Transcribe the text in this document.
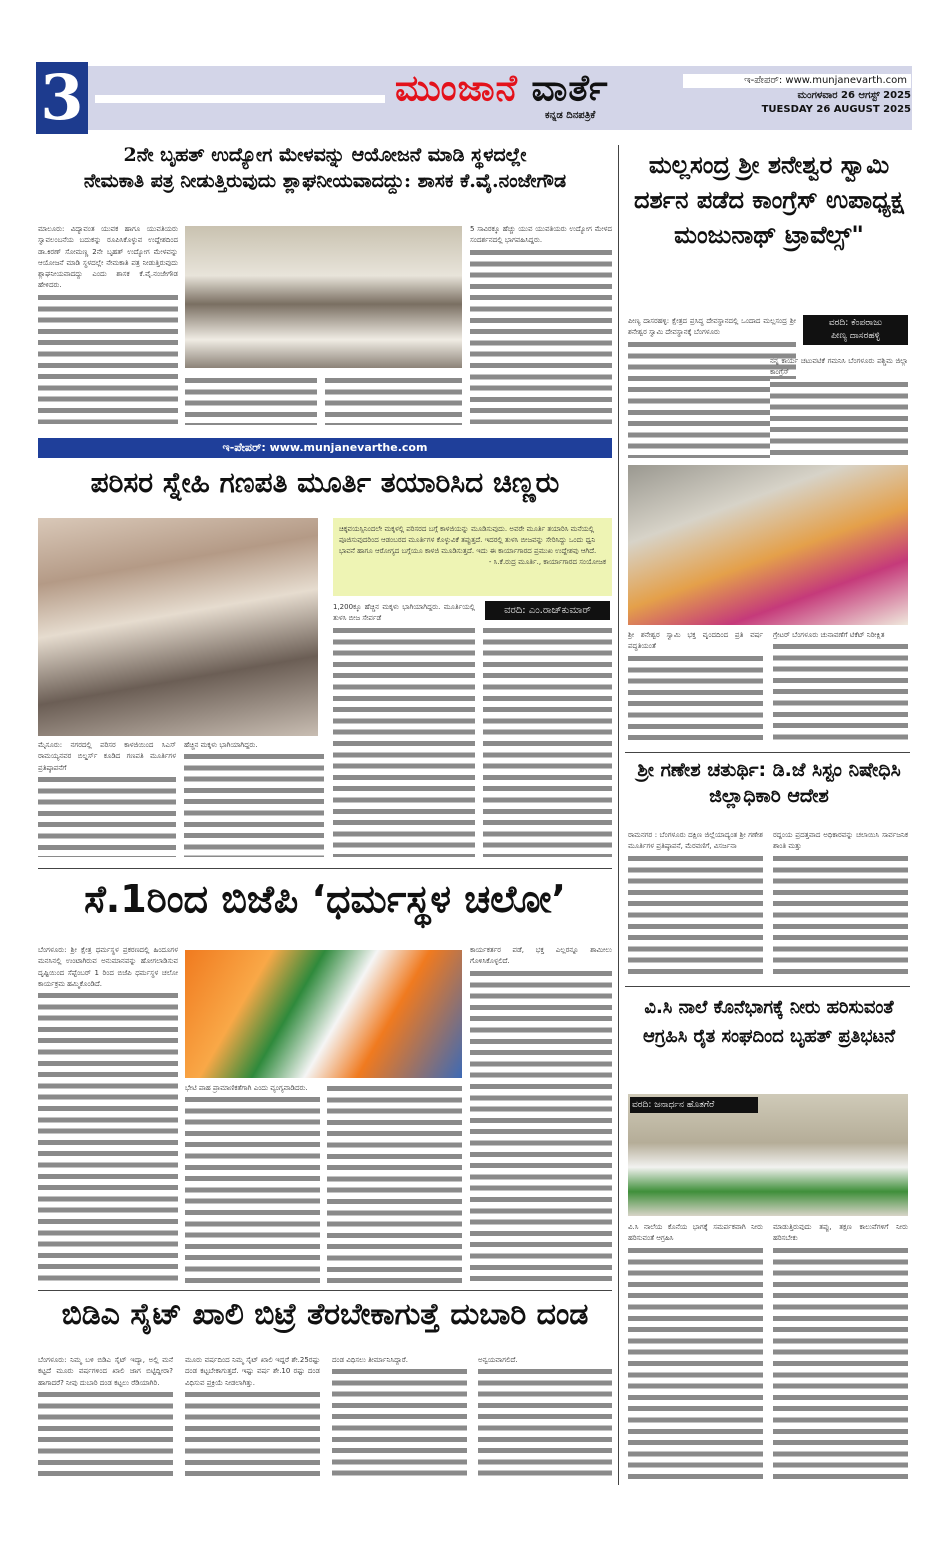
3	ಮುಂಜಾನೆ ವಾರ್ತೆ
ಕನ್ನಡ ದಿನಪತ್ರಿಕೆ
ಇ-ಪೇಪರ್: www.munjanevarth.com
ಮಂಗಳವಾರ 26 ಆಗಸ್ಟ್ 2025
TUESDAY 26 AUGUST 2025
2ನೇ ಬೃಹತ್ ಉದ್ಯೋಗ ಮೇಳವನ್ನು ಆಯೋಜನೆ ಮಾಡಿ ಸ್ಥಳದಲ್ಲೇ
ನೇಮಕಾತಿ ಪತ್ರ ನೀಡುತ್ತಿರುವುದು ಶ್ಲಾಘನೀಯವಾದದ್ದು: ಶಾಸಕ ಕೆ.ವೈ.ನಂಜೇಗೌಡ
ಮಾಲೂರು: ವಿದ್ಯಾವಂತ ಯುವಕ ಹಾಗೂ ಯುವತಿಯರು ಸ್ವಾವಲಂಬನೆಯ ಬದುಕನ್ನು ರೂಪಿಸಿಕೊಳ್ಳುವ ಉದ್ದೇಶದಿಂದ ಡಾ.ಕಿರಣ್ ಸೋಮಣ್ಣ 2ನೇ ಬೃಹತ್ ಉದ್ಯೋಗ ಮೇಳವನ್ನು ಆಯೋಜನೆ ಮಾಡಿ ಸ್ಥಳದಲ್ಲೇ ನೇಮಕಾತಿ ಪತ್ರ ನೀಡುತ್ತಿರುವುದು ಶ್ಲಾಘನೀಯವಾದದ್ದು ಎಂದು ಶಾಸಕ ಕೆ.ವೈ.ನಂಜೇಗೌಡ ಹೇಳಿದರು.
5 ಸಾವಿರಕ್ಕೂ ಹೆಚ್ಚು ಯುವ ಯುವತಿಯರು ಉದ್ಯೋಗ ಮೇಳದ ಸಂದರ್ಶನದಲ್ಲಿ ಭಾಗವಹಿಸಿದ್ದರು.
ಇ-ಪೇಪರ್: www.munjanevarthe.com
ಪರಿಸರ ಸ್ನೇಹಿ ಗಣಪತಿ ಮೂರ್ತಿ ತಯಾರಿಸಿದ ಚಿಣ್ಣರು
ಚಿಕ್ಕವಯಸ್ಸಿನಿಂದಲೇ ಮಕ್ಕಳಲ್ಲಿ ಪರಿಸರದ ಬಗ್ಗೆ ಕಾಳಜಿಯನ್ನು ಮೂಡಿಸುವುದು. ಅವರೇ ಮೂರ್ತಿ ತಯಾರಿಸಿ ಮನೆಯಲ್ಲಿ ಪೂಜಿಸುವುದರಿಂದ ಆಡಂಬರದ ಮೂರ್ತಿಗಳ ಕೊಳ್ಳುವಿಕೆ ತಪ್ಪುತ್ತದೆ. ಇದರಲ್ಲಿ ತುಳಸಿ ಬೀಜವನ್ನು ಸೇರಿಸಿದ್ದು ಒಂದು ಧ್ವನಿ ಭಾವನೆ ಹಾಗೂ ಆರೋಗ್ಯದ ಬಗ್ಗೆಯೂ ಕಾಳಜಿ ಮೂಡಿಸುತ್ತದೆ. ಇದು ಈ ಕಾರ್ಯಾಗಾರದ ಪ್ರಮುಖ ಉದ್ದೇಶವು ಆಗಿದೆ.
- ಸಿ.ಕೆ.ರುದ್ರ ಮೂರ್ತಿ., ಕಾರ್ಯಾಗಾರದ ಸಂಯೋಜಕ
ವರದಿ: ಎಂ.ರಾಜ್‌ಕುಮಾರ್
1,200ಕ್ಕೂ ಹೆಚ್ಚಿನ ಮಕ್ಕಳು ಭಾಗಿಯಾಗಿದ್ದರು. ಮೂರ್ತಿಯಲ್ಲಿ ತುಳಸಿ ಬೀಜ ಸೇರ್ಪಡೆ
ಮೈಸೂರು: ನಗರದಲ್ಲಿ ಪರಿಸರ ಕಾಳಜಿಯಿಂದ ಸಿಎಸ್ ರಾಮಯ್ಯನವರ ಬಿಲ್ಡರ್ಸ್ ಕೂಡಿದ ಗಣಪತಿ ಮೂರ್ತಿಗಳ ಪ್ರತಿಷ್ಠಾಪನೆಗೆ
ಹೆಚ್ಚಿನ ಮಕ್ಕಳು ಭಾಗಿಯಾಗಿದ್ದರು.
ಸೆ.1ರಿಂದ ಬಿಜೆಪಿ ‘ಧರ್ಮಸ್ಥಳ ಚಲೋ’
ಬೆಂಗಳೂರು: ಶ್ರೀ ಕ್ಷೇತ್ರ ಧರ್ಮಸ್ಥಳ ಪ್ರಕರಣದಲ್ಲಿ ಹಿಂದೂಗಳ ಮನಸಿನಲ್ಲಿ ಉಂಟಾಗಿರುವ ಅನುಮಾನವನ್ನು ಹೋಗಲಾಡಿಸುವ ದೃಷ್ಟಿಯಿಂದ ಸೆಪ್ಟೆಂಬರ್ 1 ರಿಂದ ಬಿಜೆಪಿ ಧರ್ಮಸ್ಥಳ ಚಲೋ ಕಾರ್ಯಕ್ರಮ ಹಮ್ಮಿಕೊಂಡಿದೆ.
ಭೇಟಿ ಪಾಹ ಪ್ರಾಮಾಣಿಕತೆಗಾಗಿ ಎಂದು ವ್ಯಂಗ್ಯವಾಡಿದರು.
ಕಾರ್ಯಕರ್ತರ ಪಡೆ, ಭಕ್ತ ಎಲ್ಲರನ್ನೂ ಶಾಮೀಲು ಗೊಳಿಸಿಕೊಳ್ಳಲಿದೆ.
ಬಿಡಿಎ ಸೈಟ್ ಖಾಲಿ ಬಿಟ್ರೆ ತೆರಬೇಕಾಗುತ್ತೆ ದುಬಾರಿ ದಂಡ
ಬೆಂಗಳೂರು: ನಿಮ್ಮ ಬಳಿ ಬಿಡಿಎ ಸೈಟ್ ಇದ್ಯಾ, ಅಲ್ಲಿ ಮನೆ ಕಟ್ಟದೆ ಮೂರು ವರ್ಷಗಳಿಂದ ಖಾಲಿ ಜಾಗ ಬಿಟ್ಟಿದ್ದೀರಾ? ಹಾಗಾದರೆ? ನೀವು ದುಬಾರಿ ದಂಡ ಕಟ್ಟಲು ರೆಡಿಯಾಗಿರಿ.
ಮೂರು ವರ್ಷದಿಂದ ನಿಮ್ಮ ಸೈಟ್ ಖಾಲಿ ಇದ್ದರೆ ಶೇ.25ರಷ್ಟು ದಂಡ ಕಟ್ಟಬೇಕಾಗುತ್ತದೆ. ಇಷ್ಟು ವರ್ಷ ಶೇ.10 ರಷ್ಟು ದಂಡ ವಿಧಿಸುವ ಪ್ರಕ್ರಿಯೆ ನೀಡಲಾಗಿತ್ತು.
ದಂಡ ವಿಧಿಸಲು ತೀರ್ಮಾನಿಸಿದ್ದಾರೆ.	ಅನ್ವಯವಾಗಲಿದೆ.
ಮಲ್ಲಸಂದ್ರ ಶ್ರೀ ಶನೇಶ್ವರ ಸ್ವಾಮಿ ದರ್ಶನ ಪಡೆದ ಕಾಂಗ್ರೆಸ್ ಉಪಾಧ್ಯಕ್ಷ ಮಂಜುನಾಥ್ ಟ್ರಾವೆಲ್ಸ್"
ಪೀಣ್ಯ ದಾಸರಹಳ್ಳಿ: ಕ್ಷೇತ್ರದ ಪ್ರಸಿದ್ಧ ದೇವಸ್ಥಾನದಲ್ಲಿ ಒಂದಾದ ಮಲ್ಲಸಂದ್ರ ಶ್ರೀ ಶನೇಶ್ವರ ಸ್ವಾಮಿ ದೇವಸ್ಥಾನಕ್ಕೆ ಬೆಂಗಳೂರು
ವರದಿ: ಕೆಂಪರಾಜು
ಪೀಣ್ಯ ದಾಸರಹಳ್ಳಿ
ನನ್ನ ಕಾರ್ಯ ಚಟುವಟಿಕೆ ಗಮನಿಸಿ ಬೆಂಗಳೂರು ಪಶ್ಚಿಮ ಜಿಲ್ಲಾ ಕಾಂಗ್ರೆಸ್
ಶ್ರೀ ಶನೇಶ್ವರ ಸ್ವಾಮಿ ಭಕ್ತ ವೃಂದದಿಂದ ಪ್ರತಿ ವರ್ಷ ಪದ್ಧತಿಯಂತೆ
ಗ್ರೇಟರ್ ಬೆಂಗಳೂರು ಚುನಾವಣೆಗೆ ಟಿಕೆಟ್ ನಿರೀಕ್ಷಿತ
ಶ್ರೀ ಗಣೇಶ ಚತುರ್ಥಿ: ಡಿ.ಜೆ ಸಿಸ್ಟಂ ನಿಷೇಧಿಸಿ ಜಿಲ್ಲಾಧಿಕಾರಿ ಆದೇಶ
ರಾಮನಗರ : ಬೆಂಗಳೂರು ದಕ್ಷಿಣ ಜಿಲ್ಲೆಯಾದ್ಯಂತ ಶ್ರೀ ಗಣೇಶ ಮೂರ್ತಿಗಳ ಪ್ರತಿಷ್ಠಾಪನೆ, ಮೆರವಣಿಗೆ, ವಿಸರ್ಜನಾ
ರದ್ದಂಯ ಪ್ರದತ್ತವಾದ ಅಧಿಕಾರವನ್ನು ಚಲಾಯಿಸಿ ಸಾರ್ವಜನಿಕ ಶಾಂತಿ ಮತ್ತು
ವಿ.ಸಿ ನಾಲೆ ಕೊನೆಭಾಗಕ್ಕೆ ನೀರು ಹರಿಸುವಂತೆ ಆಗ್ರಹಿಸಿ ರೈತ ಸಂಘದಿಂದ ಬೃಹತ್ ಪ್ರತಿಭಟನೆ
ವರದಿ: ಜನಾರ್ಧನ ಹೊತಗೆರೆ
ವಿ.ಸಿ ನಾಲೆಯ ಕೊನೆಯ ಭಾಗಕ್ಕೆ ಸಮರ್ಪಕವಾಗಿ ನೀರು ಹರಿಸುವಂತೆ ಆಗ್ರಹಿಸಿ
ಮಾಡುತ್ತಿರುವುದು ತಪ್ಪು, ತಕ್ಷಣ ಕಾಲುವೆಗಳಿಗೆ ನೀರು ಹರಿಸಬೇಕು
